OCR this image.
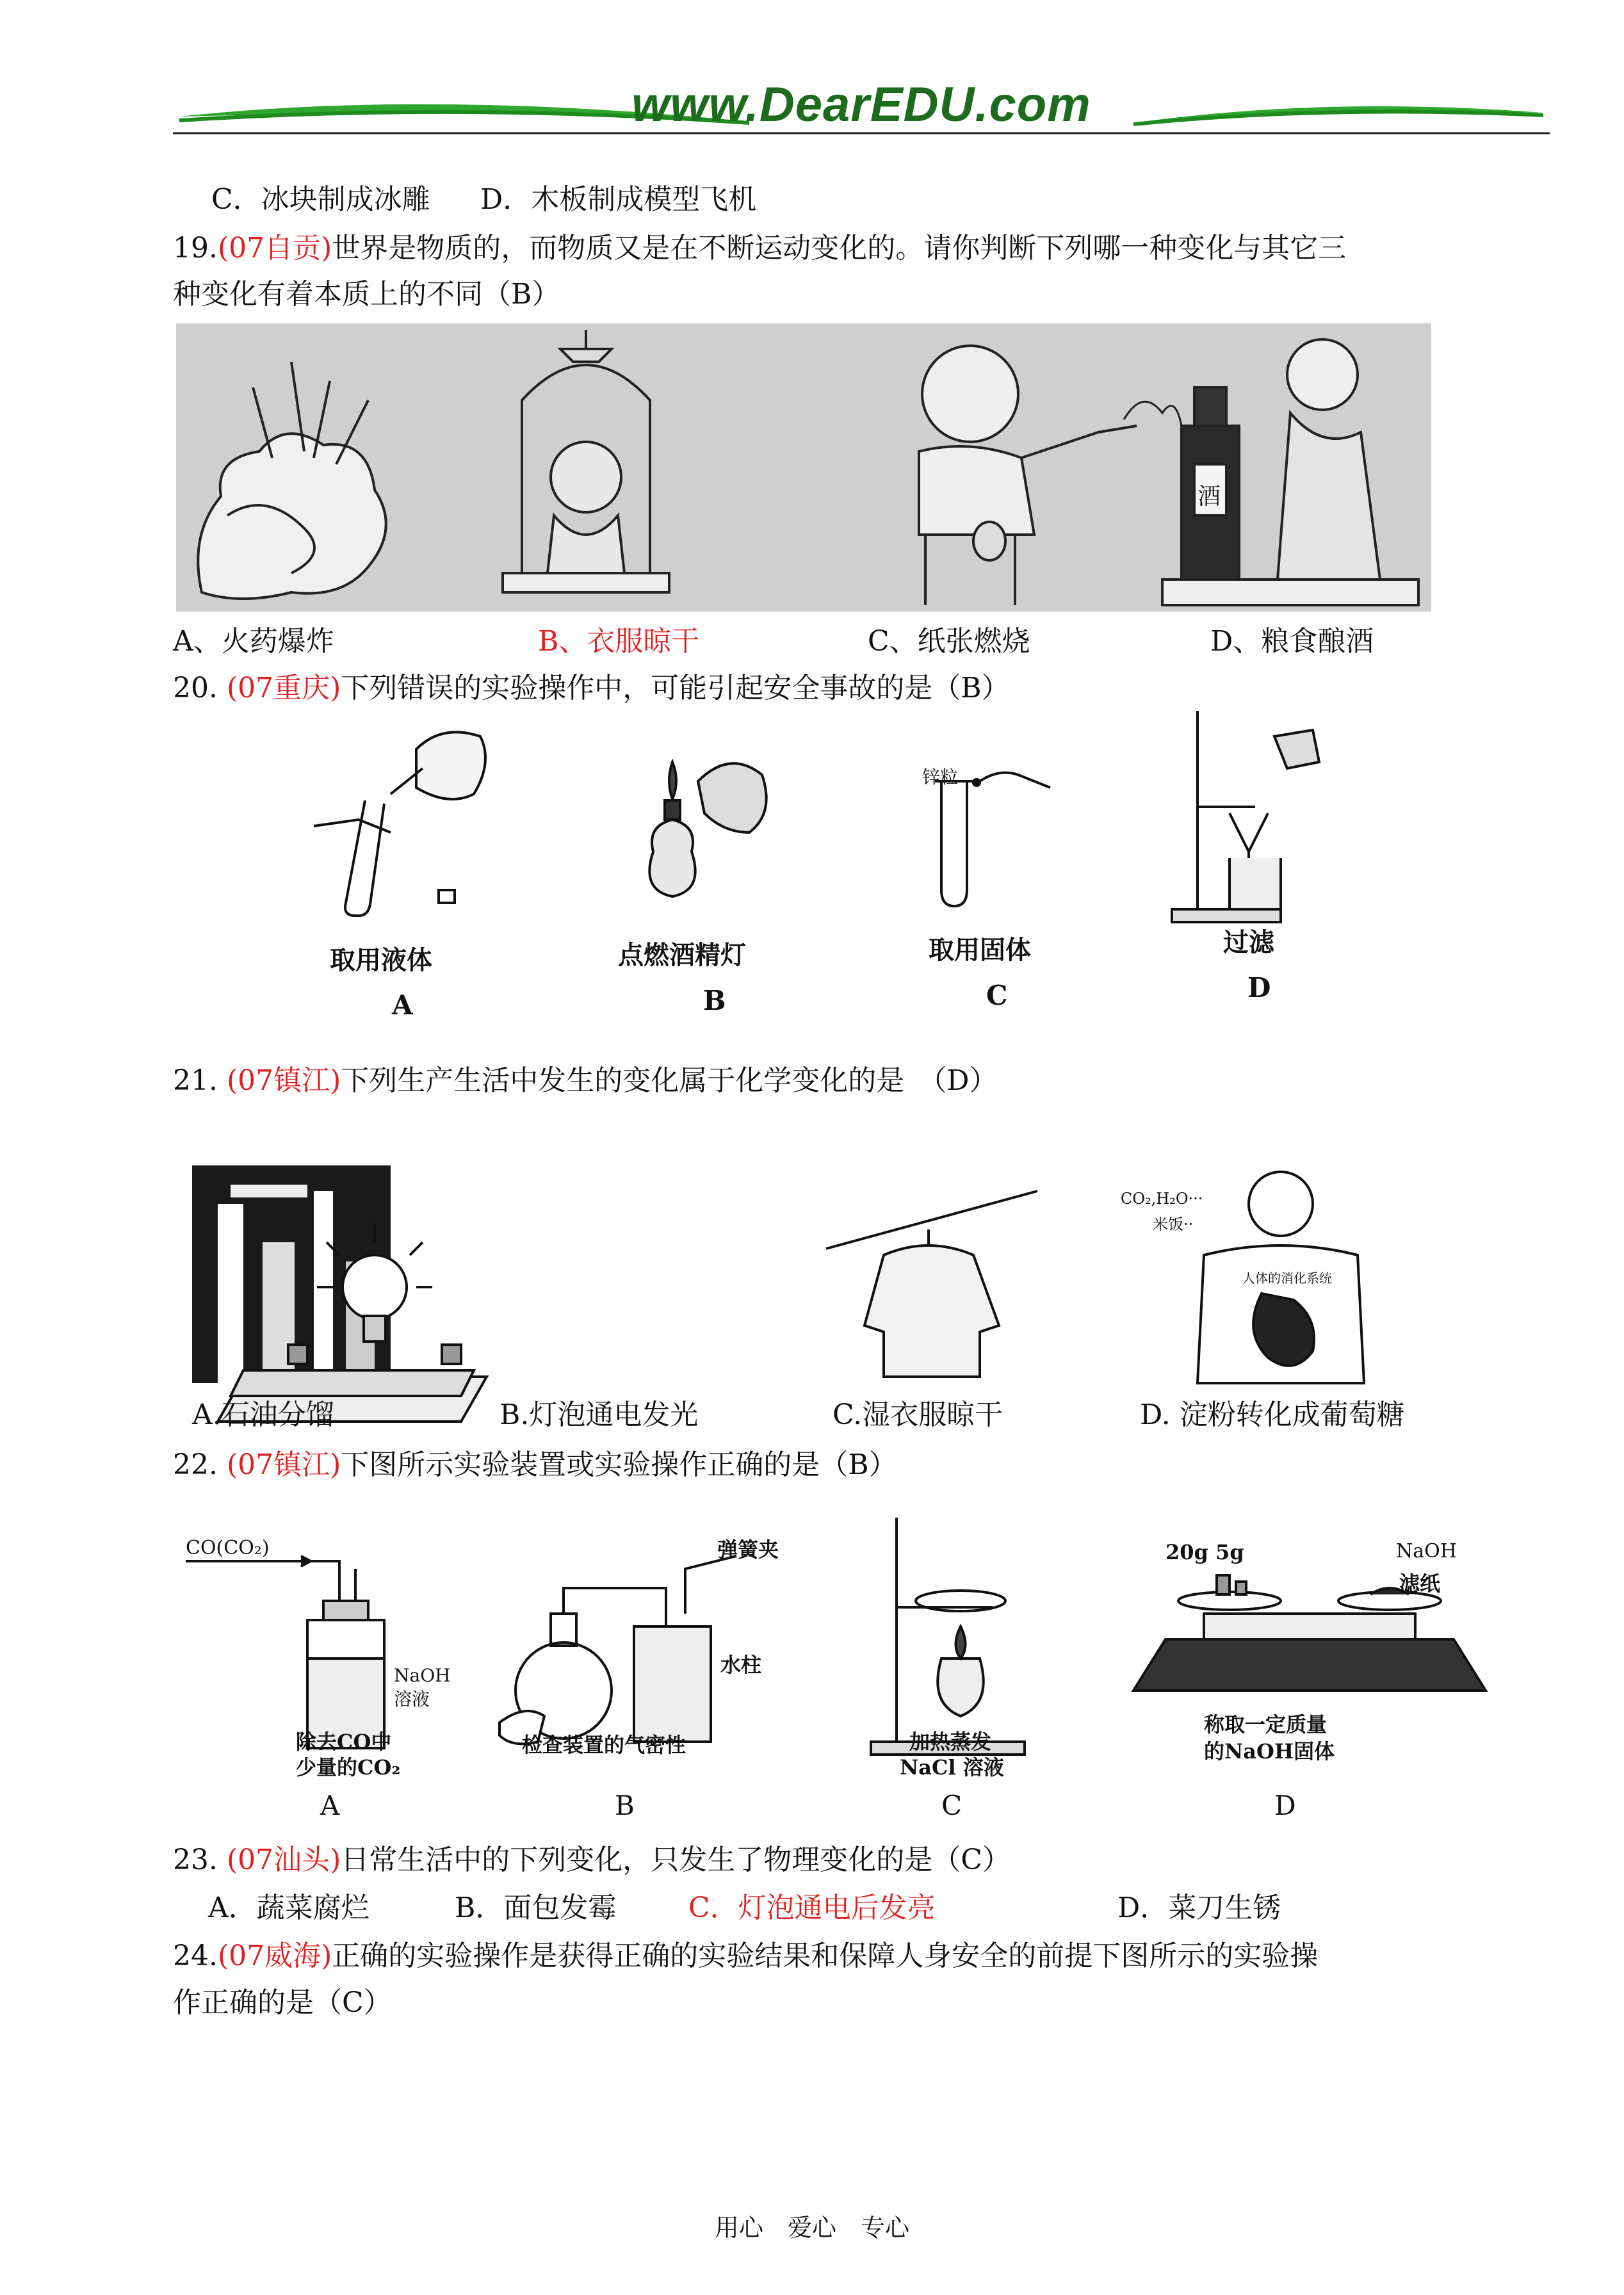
www.DearEDU.com
C．冰块制成冰雕 D．木板制成模型飞机
19.(07自贡)世界是物质的，而物质又是在不断运动变化的。请你判断下列哪一种变化与其它三
种变化有着本质上的不同（B）
酒
A、火药爆炸	B、衣服晾干	C、纸张燃烧	D、粮食酿酒
20. (07重庆)下列错误的实验操作中，可能引起安全事故的是（B）
锌粒
取用液体	点燃酒精灯	取用固体	过滤
A	B	C	D
21. (07镇江)下列生产生活中发生的变化属于化学变化的是　（D）
CO₂,H₂O···
米饭··
人体的消化系统
A.石油分馏	B.灯泡通电发光	C.湿衣服晾干	D. 淀粉转化成葡萄糖
22. (07镇江)下图所示实验装置或实验操作正确的是（B）
CO(CO₂)
NaOH
溶液
除去CO中
少量的CO₂
弹簧夹
水柱
检查装置的气密性	加热蒸发
NaCl 溶液
20g 5g	NaOH
滤纸
称取一定质量
的NaOH固体
A	B	C	D
23. (07汕头)日常生活中的下列变化，只发生了物理变化的是（C）
A．蔬菜腐烂	B．面包发霉	C．灯泡通电后发亮	D．菜刀生锈
24.(07威海)正确的实验操作是获得正确的实验结果和保障人身安全的前提下图所示的实验操
作正确的是（C）
用心　爱心　专心
